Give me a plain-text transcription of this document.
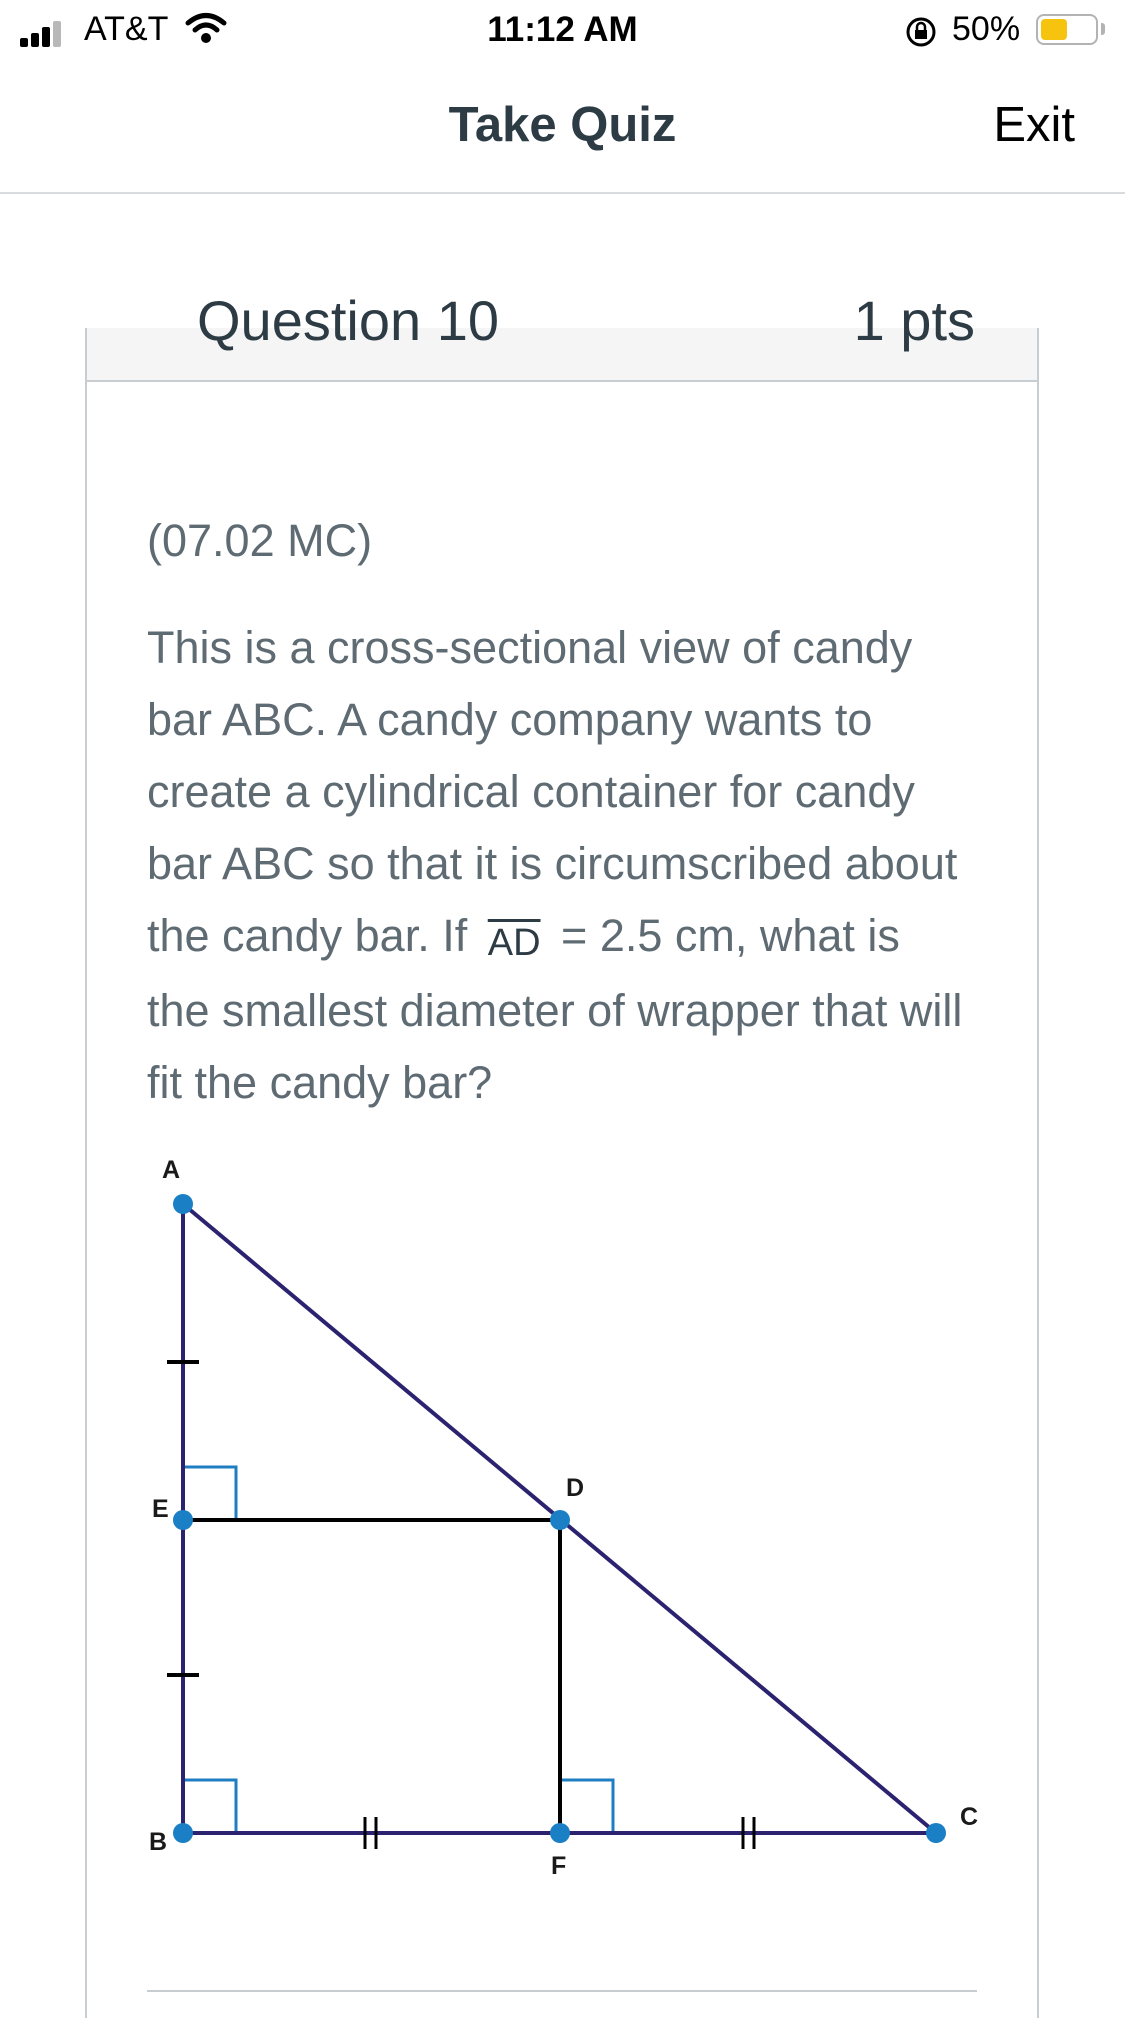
AT&T	11:12 AM	50%
Take Quiz	Exit
Question 10	1 pts
(07.02 MC)
This is a cross-sectional view of candy bar ABC. A candy company wants to create a cylindrical container for candy bar ABC so that it is circumscribed about the candy bar. If $\overline{AD} = 2.5$ cm, what is the smallest diameter of wrapper that will fit the candy bar?
A
E
D
B
F
C
